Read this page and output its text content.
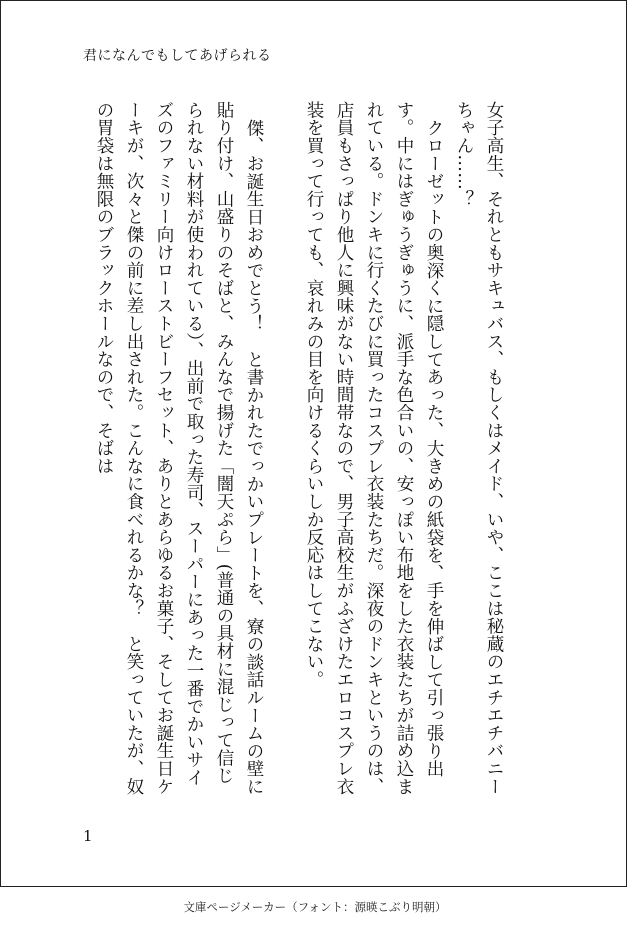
君になんでもしてあげられる

女子高生、それともサキュバス、もしくはメイド、いや、ここは秘蔵のエチエチバニーちゃん……？

クローゼットの奥深くに隠してあった、大きめの紙袋を、手を伸ばして引っ張り出す。中にはぎゅうぎゅうに、派手な色合いの、安っぽい布地をした衣装たちが詰め込まれている。ドンキに行くたびに買ったコスプレ衣装たちだ。深夜のドンキというのは、店員もさっぱり他人に興味がない時間帯なので、男子高校生がふざけたエロコスプレ衣装を買って行っても、哀れみの目を向けるくらいしか反応はしてこない。

傑、お誕生日おめでとう！　と書かれたでっかいプレートを、寮の談話ルームの壁に貼り付け、山盛りのそばと、みんなで揚げた「闇天ぷら」(普通の具材に混じって信じられない材料が使われている）、出前で取った寿司、スーパーにあった一番でかいサイズのファミリー向けローストビーフセット、ありとあらゆるお菓子、そしてお誕生日ケーキが、次々と傑の前に差し出された。こんなに食べれるかな？　と笑っていたが、奴の胃袋は無限のブラックホールなので、そばは

1
文庫ページメーカー（フォント：源暎こぶり明朝）
